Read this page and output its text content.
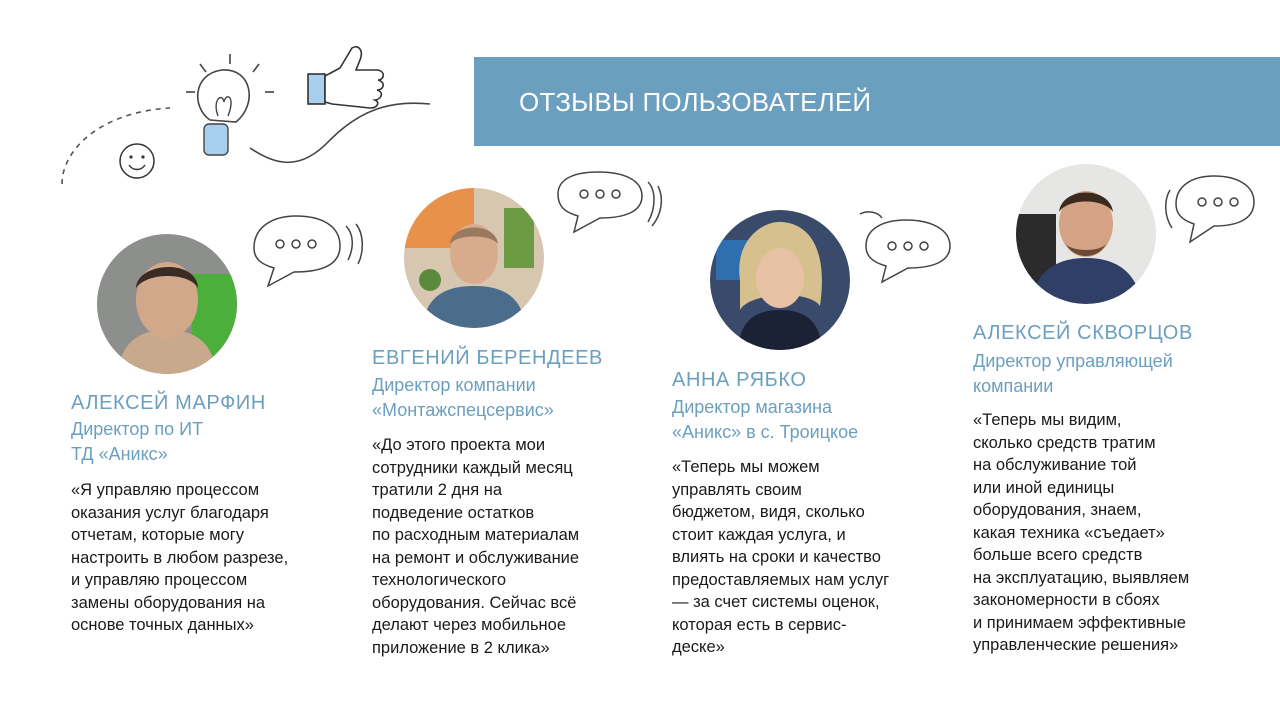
ОТЗЫВЫ ПОЛЬЗОВАТЕЛЕЙ
АЛЕКСЕЙ МАРФИН
Директор по ИТ
ТД «Аникс»
«Я управляю процессом
оказания услуг благодаря
отчетам, которые могу
настроить в любом разрезе,
и управляю процессом
замены оборудования на
основе точных данных»
ЕВГЕНИЙ БЕРЕНДЕЕВ
Директор компании
«Монтажспецсервис»
«До этого проекта мои
сотрудники каждый месяц
тратили 2 дня на
подведение остатков
по расходным материалам
на ремонт и обслуживание
технологического
оборудования. Сейчас всё
делают через мобильное
приложение в 2 клика»
АННА РЯБКО
Директор магазина
«Аникс» в с. Троицкое
«Теперь мы можем
управлять своим
бюджетом, видя, сколько
стоит каждая услуга, и
влиять на сроки и качество
предоставляемых нам услуг
— за счет системы оценок,
которая есть в сервис-
деске»
АЛЕКСЕЙ СКВОРЦОВ
Директор управляющей
компании
«Теперь мы видим,
сколько средств тратим
на обслуживание той
или иной единицы
оборудования, знаем,
какая техника «съедает»
больше всего средств
на эксплуатацию, выявляем
закономерности в сбоях
и принимаем эффективные
управленческие решения»
